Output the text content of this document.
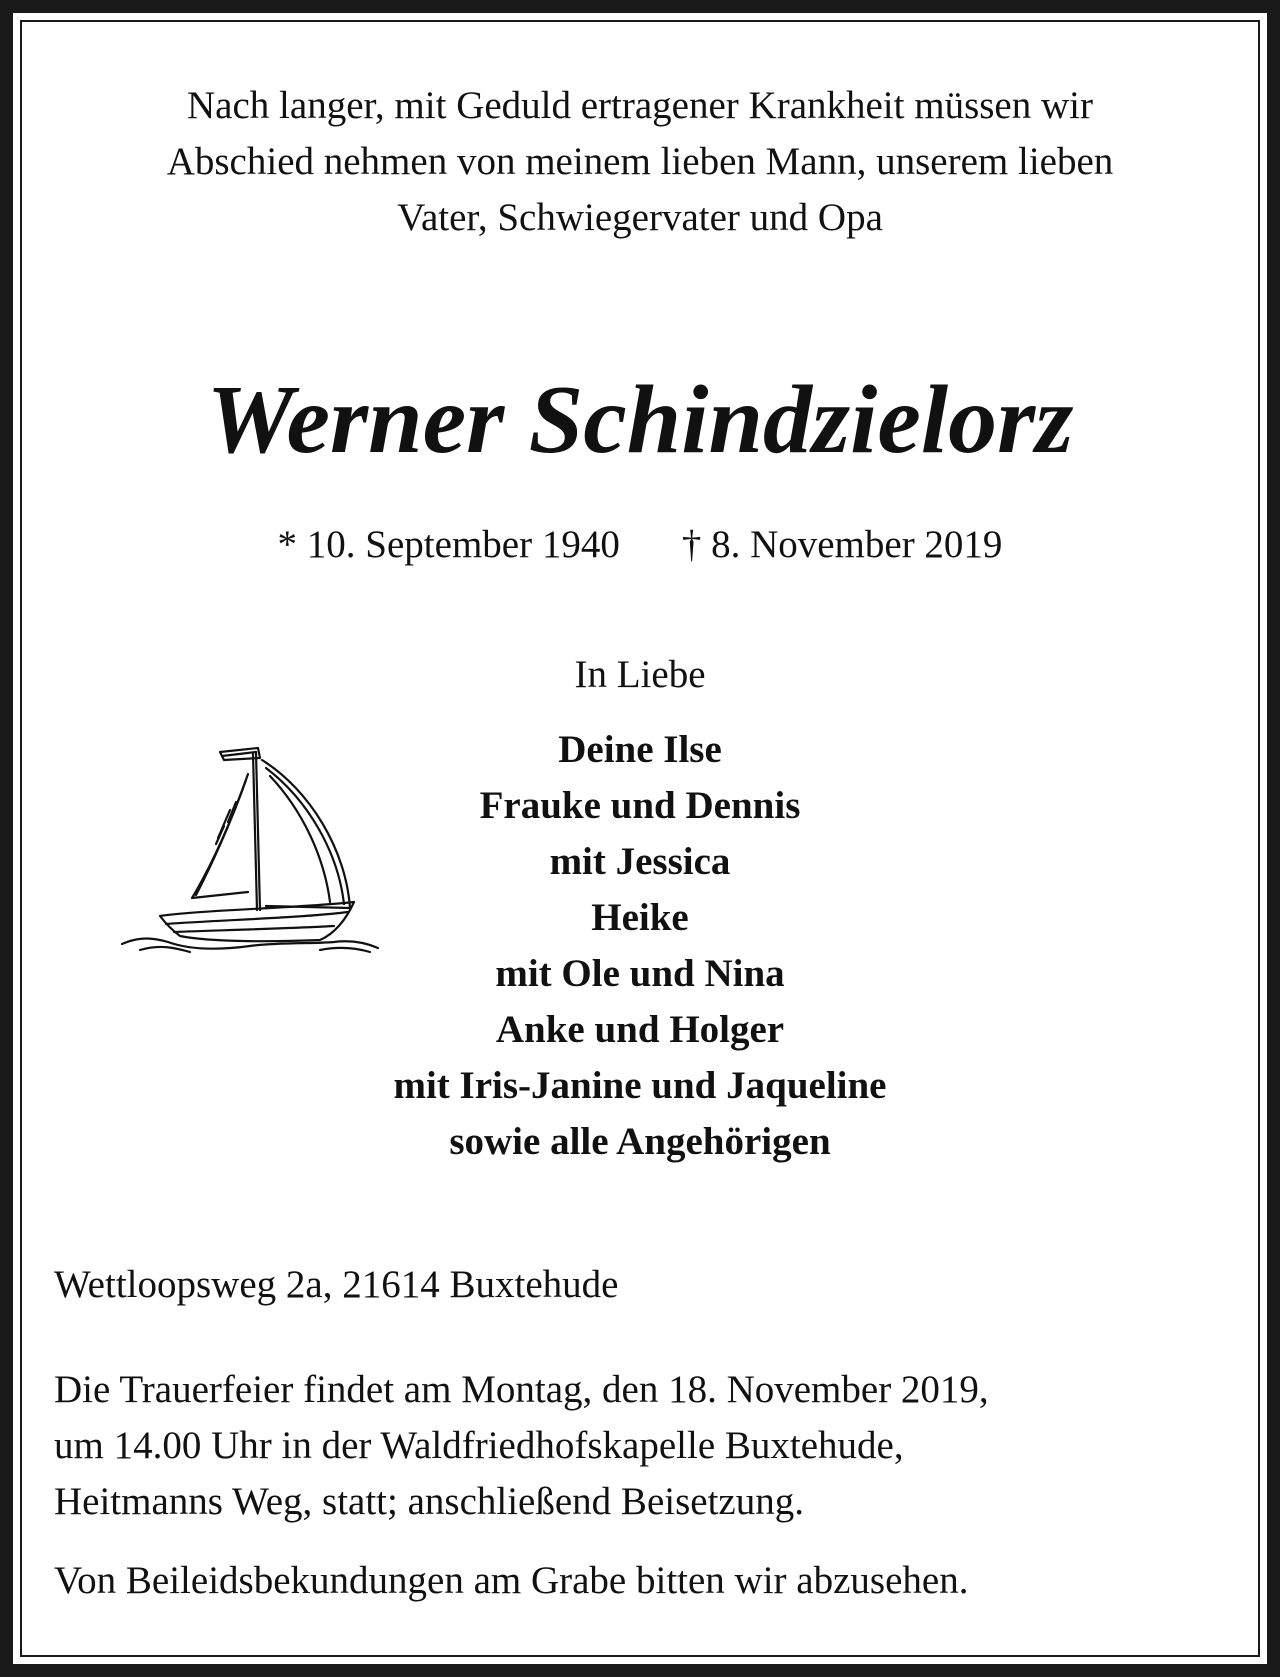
Nach langer, mit Geduld ertragener Krankheit müssen wir
Abschied nehmen von meinem lieben Mann, unserem lieben
Vater, Schwiegervater und Opa
Werner Schindzielorz
* 10. September 1940 † 8. November 2019
In Liebe
Deine Ilse
Frauke und Dennis
mit Jessica
Heike
mit Ole und Nina
Anke und Holger
mit Iris-Janine und Jaqueline
sowie alle Angehörigen
Wettloopsweg 2a, 21614 Buxtehude
Die Trauerfeier findet am Montag, den 18. November 2019,
um 14.00 Uhr in der Waldfriedhofskapelle Buxtehude,
Heitmanns Weg, statt; anschließend Beisetzung.
Von Beileidsbekundungen am Grabe bitten wir abzusehen.
